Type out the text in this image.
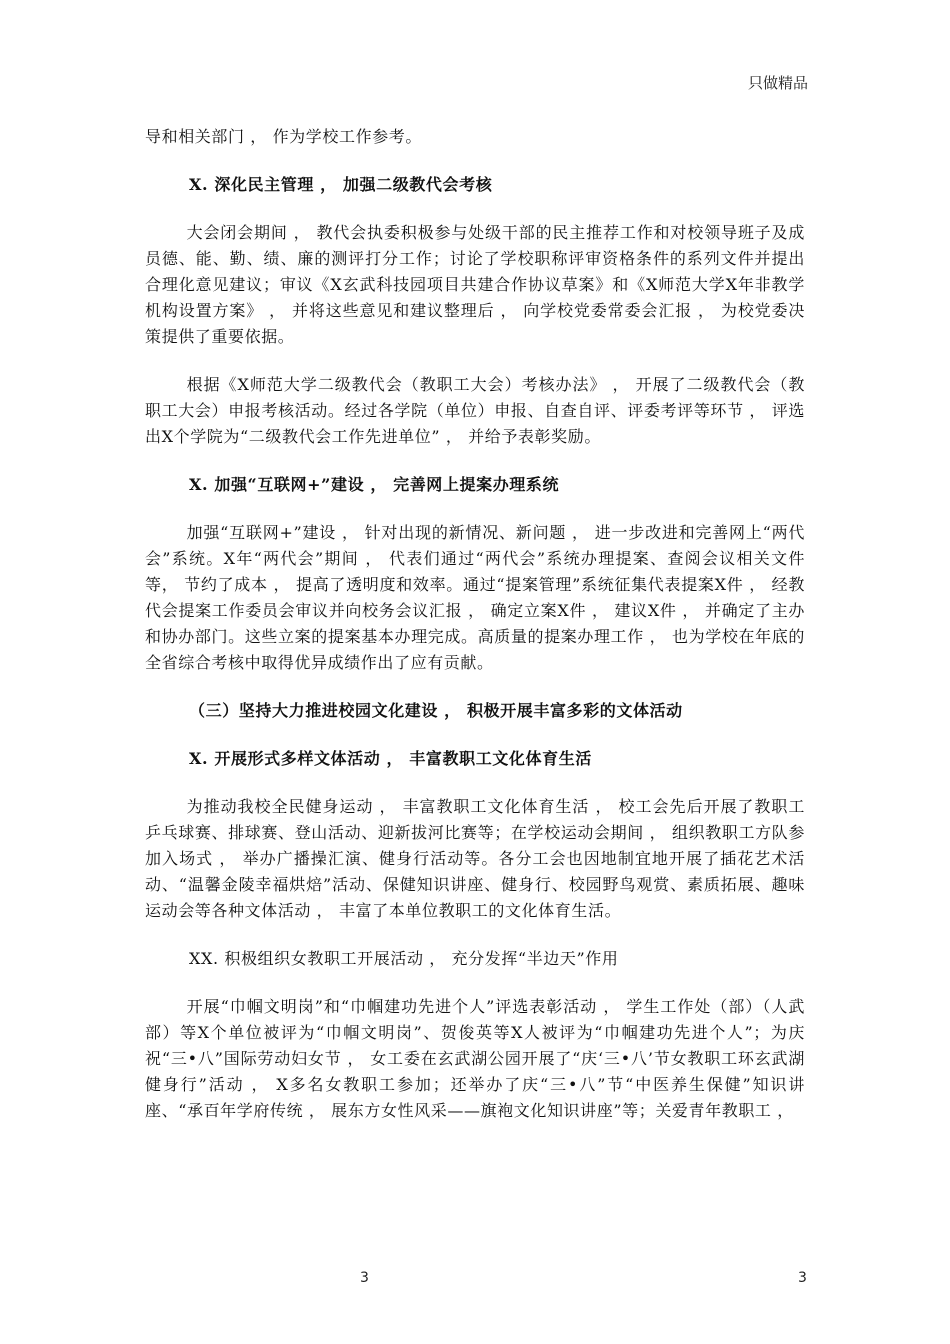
只做精品

导和相关部门 ， 作为学校工作参考。

X. 深化民主管理 ， 加强二级教代会考核

大会闭会期间 ， 教代会执委积极参与处级干部的民主推荐工作和对校领导班子及成员德、能、勤、绩、廉的测评打分工作；讨论了学校职称评审资格条件的系列文件并提出合理化意见建议；审议《X玄武科技园项目共建合作协议草案》和《X师范大学X年非教学机构设置方案》 ， 并将这些意见和建议整理后 ， 向学校党委常委会汇报 ， 为校党委决策提供了重要依据。

根据《X师范大学二级教代会（教职工大会）考核办法》 ， 开展了二级教代会（教职工大会）申报考核活动。经过各学院（单位）申报、自查自评、评委考评等环节 ， 评选出X个学院为“二级教代会工作先进单位” ， 并给予表彰奖励。

X. 加强“互联网+”建设 ， 完善网上提案办理系统

加强“互联网+”建设 ， 针对出现的新情况、新问题 ， 进一步改进和完善网上“两代会”系统。X年“两代会”期间 ， 代表们通过“两代会”系统办理提案、查阅会议相关文件等， 节约了成本 ， 提高了透明度和效率。通过“提案管理”系统征集代表提案X件 ， 经教代会提案工作委员会审议并向校务会议汇报 ， 确定立案X件 ， 建议X件 ， 并确定了主办和协办部门。这些立案的提案基本办理完成。高质量的提案办理工作 ， 也为学校在年底的全省综合考核中取得优异成绩作出了应有贡献。

（三）坚持大力推进校园文化建设 ， 积极开展丰富多彩的文体活动

X. 开展形式多样文体活动 ， 丰富教职工文化体育生活

为推动我校全民健身运动 ， 丰富教职工文化体育生活 ， 校工会先后开展了教职工乒乓球赛、排球赛、登山活动、迎新拔河比赛等；在学校运动会期间 ， 组织教职工方队参加入场式 ， 举办广播操汇演、健身行活动等。各分工会也因地制宜地开展了插花艺术活动、“温馨金陵幸福烘焙”活动、保健知识讲座、健身行、校园野鸟观赏、素质拓展、趣味运动会等各种文体活动 ， 丰富了本单位教职工的文化体育生活。

XX. 积极组织女教职工开展活动 ， 充分发挥“半边天”作用

开展“巾帼文明岗”和“巾帼建功先进个人”评选表彰活动 ， 学生工作处（部）（人武部）等X个单位被评为“巾帼文明岗”、贺俊英等X人被评为“巾帼建功先进个人”；为庆祝“三•八”国际劳动妇女节 ， 女工委在玄武湖公园开展了“庆‘三•八’节女教职工环玄武湖健身行”活动 ， X多名女教职工参加；还举办了庆“三•八”节“中医养生保健”知识讲座、“承百年学府传统 ， 展东方女性风采——旗袍文化知识讲座”等；关爱青年教职工 ，

3	3
